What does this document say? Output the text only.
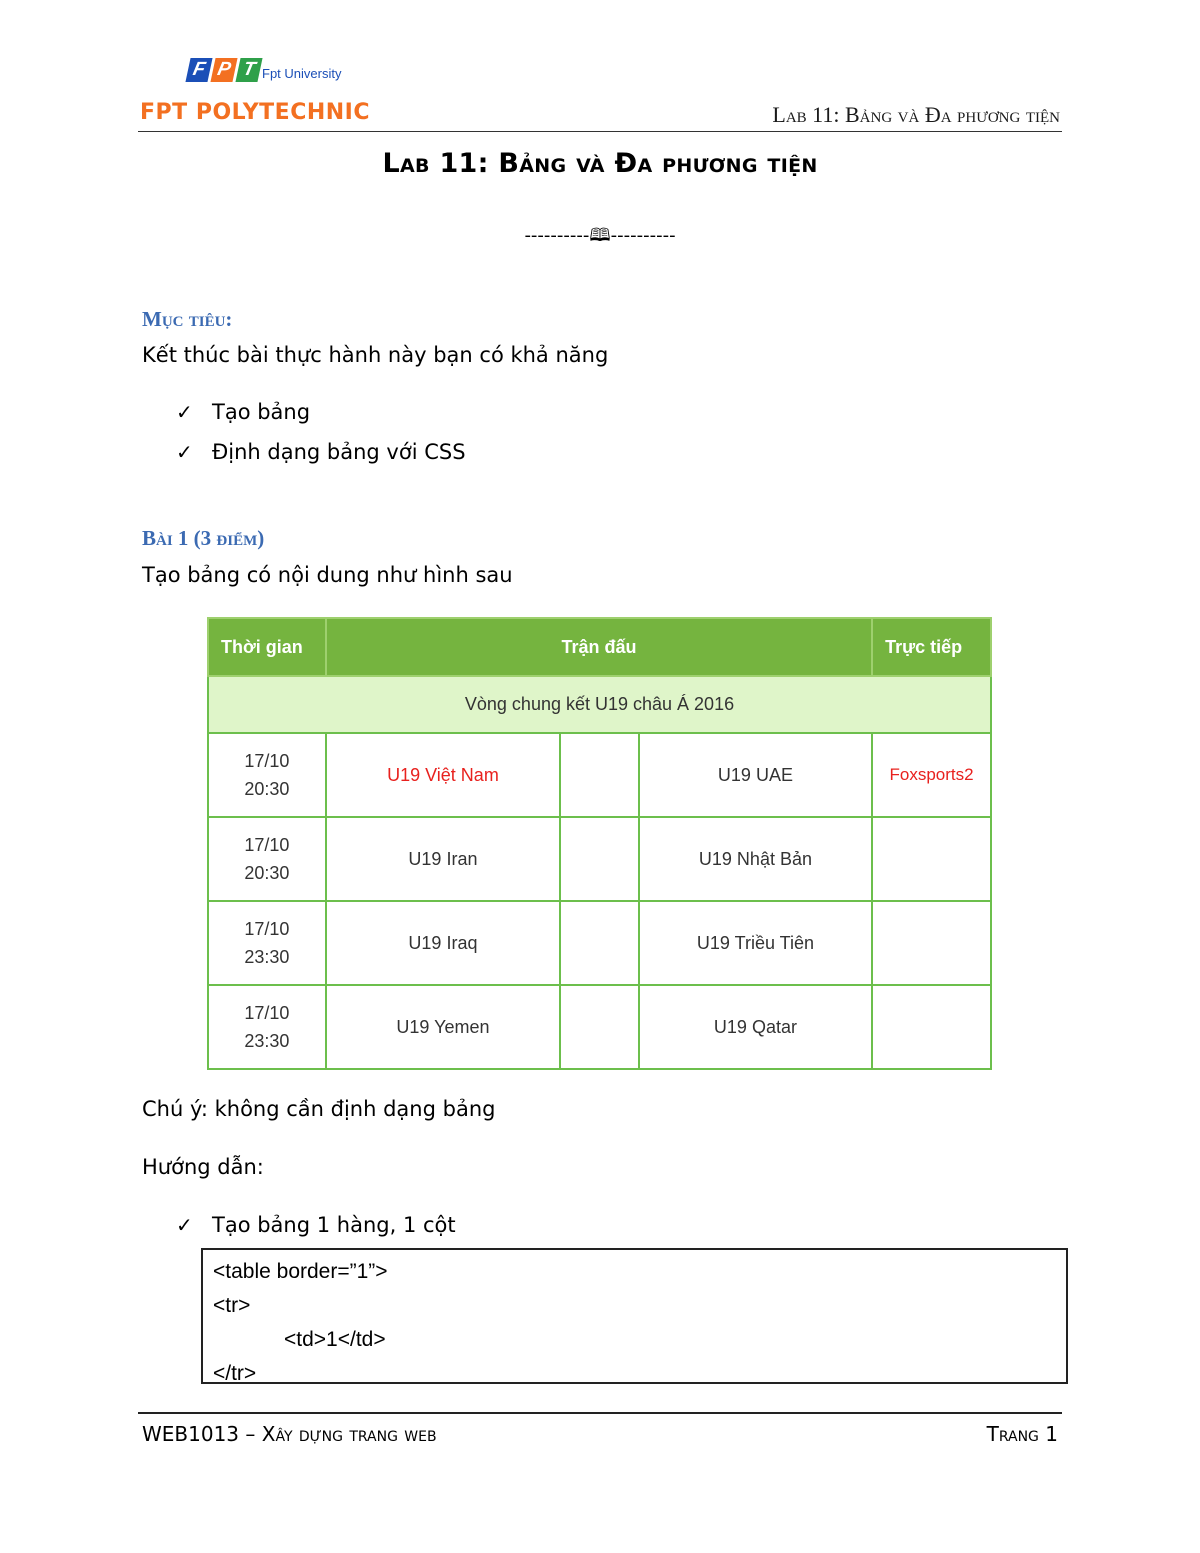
F P T Fpt University
FPT POLYTECHNIC	Lab 11: Bảng và Đa phương tiện
Lab 11: Bảng và Đa phương tiện
----------🕮----------
Mục tiêu:
Kết thúc bài thực hành này bạn có khả năng
✓ Tạo bảng
✓ Định dạng bảng với CSS
Bài 1 (3 điểm)
Tạo bảng có nội dung như hình sau
Thời gian	Trận đấu			Trực tiếp
Vòng chung kết U19 châu Á 2016				

17/10
20:30	U19 Việt Nam		U19 UAE	Foxsports2

17/10
20:30	U19 Iran		U19 Nhật Bản	

17/10
23:30	U19 Iraq		U19 Triều Tiên	

17/10
23:30	U19 Yemen		U19 Qatar	
Chú ý: không cần định dạng bảng
Hướng dẫn:
✓ Tạo bảng 1 hàng, 1 cột
<table border=”1”>
<tr>
<td>1</td>
</tr>
WEB1013 – Xây dựng trang web	Trang 1
